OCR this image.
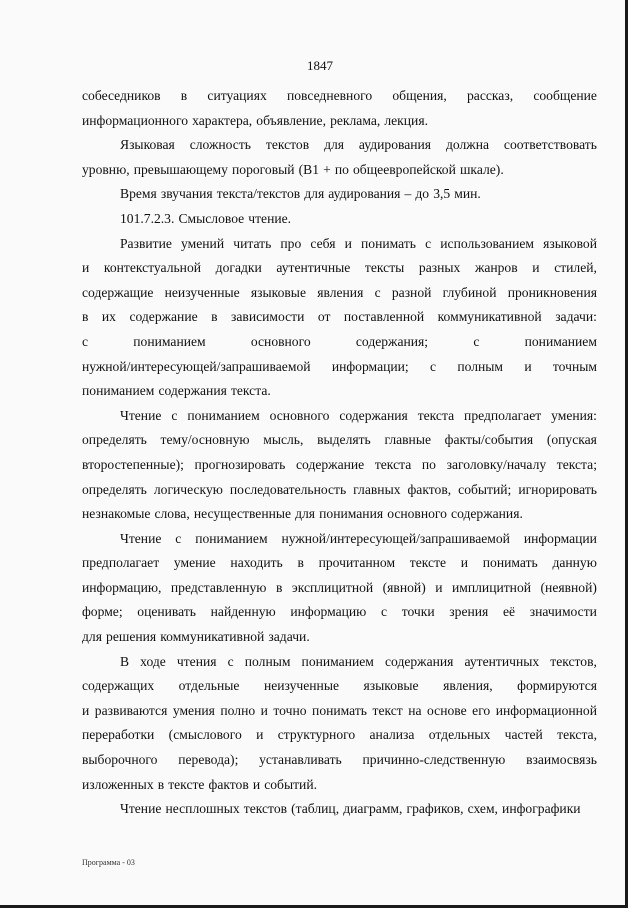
1847
собеседников в ситуациях повседневного общения, рассказ, сообщение
информационного характера, объявление, реклама, лекция.
Языковая сложность текстов для аудирования должна соответствовать
уровню, превышающему пороговый (B1 + по общеевропейской шкале).
Время звучания текста/текстов для аудирования – до 3,5 мин.
101.7.2.3. Смысловое чтение.
Развитие умений читать про себя и понимать с использованием языковой
и контекстуальной догадки аутентичные тексты разных жанров и стилей,
содержащие неизученные языковые явления с разной глубиной проникновения
в их содержание в зависимости от поставленной коммуникативной задачи:
с	пониманием	основного	содержания;	с	пониманием
нужной/интересующей/запрашиваемой информации; с полным и точным
пониманием содержания текста.
Чтение с пониманием основного содержания текста предполагает умения:
определять тему/основную мысль, выделять главные факты/события (опуская
второстепенные); прогнозировать содержание текста по заголовку/началу текста;
определять логическую последовательность главных фактов, событий; игнорировать
незнакомые слова, несущественные для понимания основного содержания.
Чтение с пониманием нужной/интересующей/запрашиваемой информации
предполагает умение находить в прочитанном тексте и понимать данную
информацию, представленную в эксплицитной (явной) и имплицитной (неявной)
форме; оценивать найденную информацию с точки зрения её значимости
для решения коммуникативной задачи.
В ходе чтения с полным пониманием содержания аутентичных текстов,
содержащих отдельные неизученные языковые явления, формируются
и развиваются умения полно и точно понимать текст на основе его информационной
переработки (смыслового и структурного анализа отдельных частей текста,
выборочного перевода); устанавливать причинно-следственную взаимосвязь
изложенных в тексте фактов и событий.
Чтение несплошных текстов (таблиц, диаграмм, графиков, схем, инфографики
Программа - 03
